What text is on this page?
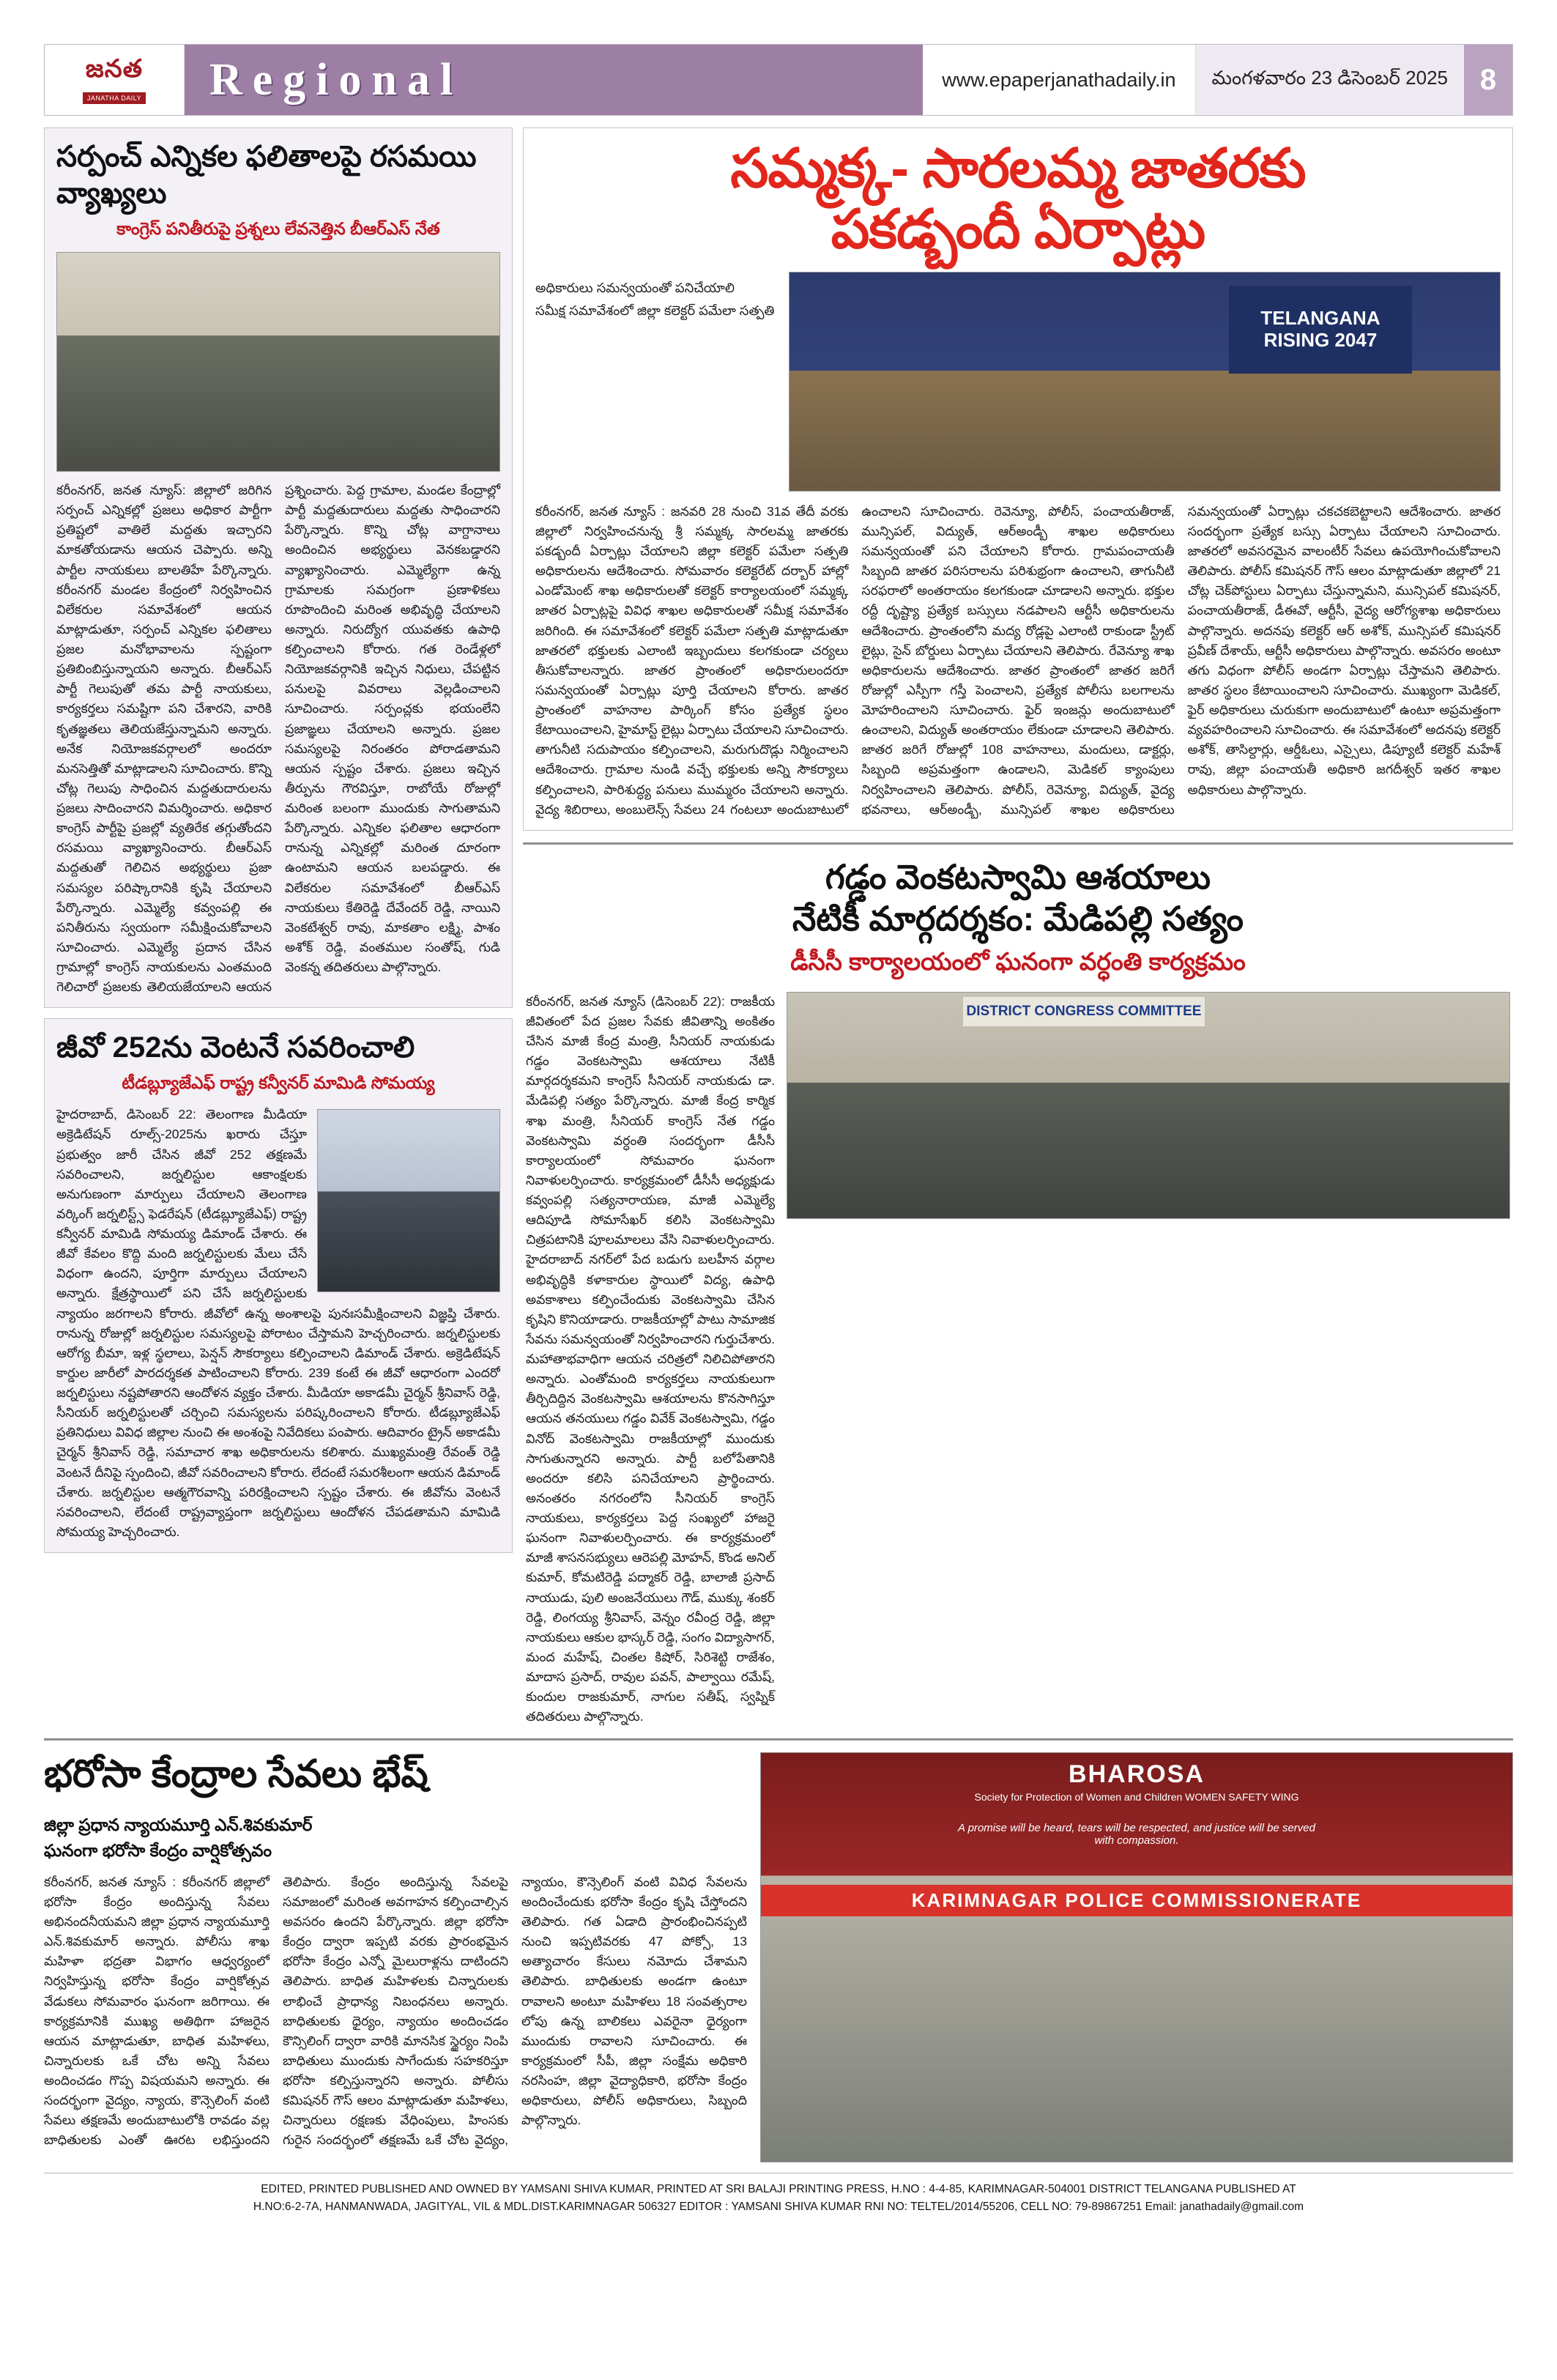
జనత
JANATHA DAILY Regional	www.epaperjanathadaily.in	మంగళవారం 23 డిసెంబర్ 2025	8
సర్పంచ్ ఎన్నికల ఫలితాలపై రసమయి వ్యాఖ్యలు
కాంగ్రెస్ పనితీరుపై ప్రశ్నలు లేవనెత్తిన బీఆర్ఎస్ నేత
కరీంనగర్, జనత న్యూస్: జిల్లాలో జరిగిన సర్పంచ్ ఎన్నికల్లో ప్రజలు అధికార పార్టీగా ప్రతిష్టలో వాతిలే మద్దతు ఇచ్చారని మాకతోయడాను ఆయన చెప్పారు. అన్ని పార్టీల నాయకులు బాలతిహే పేర్కొన్నారు. కరీంనగర్ మండల కేంద్రంలో నిర్వహించిన విలేకరుల సమావేశంలో ఆయన మాట్లాడుతూ, సర్పంచ్ ఎన్నికల ఫలితాలు ప్రజల మనోభావాలను స్పష్టంగా ప్రతిబింబిస్తున్నాయని అన్నారు. బీఆర్ఎస్ పార్టీ గెలుపుతో తమ పార్టీ నాయకులు, కార్యకర్తలు సమష్టిగా పని చేశారని, వారికి కృతజ్ఞతలు తెలియజేస్తున్నామని అన్నారు. అనేక నియోజకవర్గాలలో అందరూ మనసెత్తితో మాట్లాడాలని సూచించారు. కొన్ని చోట్ల గెలుపు సాధించిన మద్దతుదారులను ప్రజలు సాదించారని విమర్శించారు. అధికార కాంగ్రెస్ పార్టీపై ప్రజల్లో వ్యతిరేక తగ్గుతోందని రసమయి వ్యాఖ్యానించారు. బీఆర్ఎస్ మద్దతుతో గెలిచిన అభ్యర్థులు ప్రజా సమస్యల పరిష్కారానికి కృషి చేయాలని పేర్కొన్నారు. ఎమ్మెల్యే కవ్వంపల్లి ఈ పనితీరును స్వయంగా సమీక్షించుకోవాలని సూచించారు. ఎమ్మెల్యే ప్రదాన చేసిన గ్రామాల్లో కాంగ్రెస్ నాయకులను ఎంతమంది గెలిచారో ప్రజలకు తెలియజేయాలని ఆయన ప్రశ్నించారు. పెద్ద గ్రామాల, మండల కేంద్రాల్లో పార్టీ మద్దతుదారులు మద్దతు సాధించారని పేర్కొన్నారు. కొన్ని చోట్ల వాగ్దానాలు అందించిన అభ్యర్థులు వెనకబడ్డారని వ్యాఖ్యానించారు. ఎమ్మెల్యేగా ఉన్న గ్రామాలకు సమగ్రంగా ప్రణాళికలు రూపొందించి మరింత అభివృద్ధి చేయాలని అన్నారు. నిరుద్యోగ యువతకు ఉపాధి కల్పించాలని కోరారు. గత రెండేళ్లలో నియోజకవర్గానికి ఇచ్చిన నిధులు, చేపట్టిన పనులపై వివరాలు వెల్లడించాలని సూచించారు. సర్పంచ్లకు భయంలేని ప్రజాఙ్ఞలు చేయాలని అన్నారు. ప్రజల సమస్యలపై నిరంతరం పోరాడతామని ఆయన స్పష్టం చేశారు. ప్రజలు ఇచ్చిన తీర్పును గౌరవిస్తూ, రాబోయే రోజుల్లో మరింత బలంగా ముందుకు సాగుతామని పేర్కొన్నారు. ఎన్నికల ఫలితాల ఆధారంగా రానున్న ఎన్నికల్లో మరింత దూరంగా ఉంటామని ఆయన బలపడ్డారు. ఈ విలేకరుల సమావేశంలో బీఆర్ఎస్ నాయకులు కేతిరెడ్డి దేవేందర్ రెడ్డి, నాయిని వెంకటేశ్వర్ రావు, మాకతాం లక్ష్మి, పాశం అశోక్ రెడ్డి, వంతముల సంతోష్, గుడి వెంకన్న తదితరులు పాల్గొన్నారు.
జీవో 252ను వెంటనే సవరించాలి
టీడబ్ల్యూజేఎఫ్ రాష్ట్ర కన్వీనర్ మామిడి సోమయ్య
హైదరాబాద్, డిసెంబర్ 22: తెలంగాణ మీడియా అక్రెడిటేషన్ రూల్స్-2025ను ఖరారు చేస్తూ ప్రభుత్వం జారీ చేసిన జీవో 252 తక్షణమే సవరించాలని, జర్నలిస్టుల ఆకాంక్షలకు అనుగుణంగా మార్పులు చేయాలని తెలంగాణ వర్కింగ్ జర్నలిస్ట్స్ ఫెడరేషన్ (టీడబ్ల్యూజేఎఫ్) రాష్ట్ర కన్వీనర్ మామిడి సోమయ్య డిమాండ్ చేశారు. ఈ జీవో కేవలం కొద్ది మంది జర్నలిస్టులకు మేలు చేసే విధంగా ఉందని, పూర్తిగా మార్పులు చేయాలని అన్నారు. క్షేత్రస్థాయిలో పని చేసే జర్నలిస్టులకు న్యాయం జరగాలని కోరారు. జీవోలో ఉన్న అంశాలపై పునఃసమీక్షించాలని విజ్ఞప్తి చేశారు. రానున్న రోజుల్లో జర్నలిస్టుల సమస్యలపై పోరాటం చేస్తామని హెచ్చరించారు. జర్నలిస్టులకు ఆరోగ్య బీమా, ఇళ్ల స్థలాలు, పెన్షన్ సౌకర్యాలు కల్పించాలని డిమాండ్ చేశారు. అక్రెడిటేషన్ కార్డుల జారీలో పారదర్శకత పాటించాలని కోరారు. 239 కంటే ఈ జీవో ఆధారంగా ఎందరో జర్నలిస్టులు నష్టపోతారని ఆందోళన వ్యక్తం చేశారు. మీడియా అకాడమీ చైర్మన్ శ్రీనివాస్ రెడ్డి, సీనియర్ జర్నలిస్టులతో చర్చించి సమస్యలను పరిష్కరించాలని కోరారు. టీడబ్ల్యూజేఎఫ్ ప్రతినిధులు వివిధ జిల్లాల నుంచి ఈ అంశంపై నివేదికలు పంపారు. ఆదివారం ట్రైన్ అకాడమీ చైర్మన్ శ్రీనివాస్ రెడ్డి, సమాచార శాఖ అధికారులను కలిశారు. ముఖ్యమంత్రి రేవంత్ రెడ్డి వెంటనే దీనిపై స్పందించి, జీవో సవరించాలని కోరారు. లేదంటే సమరశీలంగా ఆయన డిమాండ్ చేశారు. జర్నలిస్టుల ఆత్మగౌరవాన్ని పరిరక్షించాలని స్పష్టం చేశారు. ఈ జీవోను వెంటనే సవరించాలని, లేదంటే రాష్ట్రవ్యాప్తంగా జర్నలిస్టులు ఆందోళన చేపడతామని మామిడి సోమయ్య హెచ్చరించారు.
సమ్మక్క- సారలమ్మ జాతరకు
పకడ్బందీ ఏర్పాట్లు
అధికారులు సమన్వయంతో పనిచేయాలి
సమీక్ష సమావేశంలో జిల్లా కలెక్టర్ పమేలా సత్పతి	TELANGANA RISING 2047
కరీంనగర్, జనత న్యూస్ : జనవరి 28 నుంచి 31వ తేదీ వరకు జిల్లాలో నిర్వహించనున్న శ్రీ సమ్మక్క సారలమ్మ జాతరకు పకడ్బందీ ఏర్పాట్లు చేయాలని జిల్లా కలెక్టర్ పమేలా సత్పతి అధికారులను ఆదేశించారు. సోమవారం కలెక్టరేట్ దర్బార్ హాల్లో ఎండోమెంట్ శాఖ అధికారులతో కలెక్టర్ కార్యాలయంలో సమ్మక్క జాతర ఏర్పాట్లపై వివిధ శాఖల అధికారులతో సమీక్ష సమావేశం జరిగింది. ఈ సమావేశంలో కలెక్టర్ పమేలా సత్పతి మాట్లాడుతూ జాతరలో భక్తులకు ఎలాంటి ఇబ్బందులు కలగకుండా చర్యలు తీసుకోవాలన్నారు. జాతర ప్రాంతంలో అధికారులందరూ సమన్వయంతో ఏర్పాట్లు పూర్తి చేయాలని కోరారు. జాతర ప్రాంతంలో వాహనాల పార్కింగ్ కోసం ప్రత్యేక స్థలం కేటాయించాలని, హైమాస్ట్ లైట్లు ఏర్పాటు చేయాలని సూచించారు. తాగునీటి సదుపాయం కల్పించాలని, మరుగుదొడ్లు నిర్మించాలని ఆదేశించారు. గ్రామాల నుండి వచ్చే భక్తులకు అన్ని సౌకర్యాలు కల్పించాలని, పారిశుద్ధ్య పనులు ముమ్మరం చేయాలని అన్నారు. వైద్య శిబిరాలు, అంబులెన్స్ సేవలు 24 గంటలూ అందుబాటులో ఉంచాలని సూచించారు. రెవెన్యూ, పోలీస్, పంచాయతీరాజ్, మున్సిపల్, విద్యుత్, ఆర్అండ్బీ శాఖల అధికారులు సమన్వయంతో పని చేయాలని కోరారు. గ్రామపంచాయతీ సిబ్బంది జాతర పరిసరాలను పరిశుభ్రంగా ఉంచాలని, తాగునీటి సరఫరాలో అంతరాయం కలగకుండా చూడాలని అన్నారు. భక్తుల రద్దీ దృష్ట్యా ప్రత్యేక బస్సులు నడపాలని ఆర్టీసీ అధికారులను ఆదేశించారు. ప్రాంతంలోని మద్య రోడ్లపై ఎలాంటి రాకుండా స్ట్రీట్ లైట్లు, సైన్ బోర్డులు ఏర్పాటు చేయాలని తెలిపారు. రేవెన్యూ శాఖ అధికారులను ఆదేశించారు. జాతర ప్రాంతంలో జాతర జరిగే రోజుల్లో ఎస్పీగా గస్తీ పెంచాలని, ప్రత్యేక పోలీసు బలగాలను మోహరించాలని సూచించారు. ఫైర్ ఇంజన్లు అందుబాటులో ఉంచాలని, విద్యుత్ అంతరాయం లేకుండా చూడాలని తెలిపారు. జాతర జరిగే రోజుల్లో 108 వాహనాలు, మందులు, డాక్టర్లు, సిబ్బంది అప్రమత్తంగా ఉండాలని, మెడికల్ క్యాంపులు నిర్వహించాలని తెలిపారు. పోలీస్, రెవెన్యూ, విద్యుత్, వైద్య భవనాలు, ఆర్అండ్బీ, మున్సిపల్ శాఖల అధికారులు సమన్వయంతో ఏర్పాట్లు చకచకబెట్టాలని ఆదేశించారు. జాతర సందర్భంగా ప్రత్యేక బస్సు ఏర్పాటు చేయాలని సూచించారు. జాతరలో అవసరమైన వాలంటీర్ సేవలు ఉపయోగించుకోవాలని తెలిపారు. పోలీస్ కమిషనర్ గౌస్ ఆలం మాట్లాడుతూ జిల్లాలో 21 చోట్ల చెక్‌పోస్టులు ఏర్పాటు చేస్తున్నామని, మున్సిపల్ కమిషనర్, పంచాయతీరాజ్, డీఈవో, ఆర్టీసీ, వైద్య ఆరోగ్యశాఖ అధికారులు పాల్గొన్నారు. అదనపు కలెక్టర్ ఆర్ అశోక్, మున్సిపల్ కమిషనర్ ప్రవీణ్ దేశాయ్, ఆర్టీసీ అధికారులు పాల్గొన్నారు. అవసరం అంటూ తగు విధంగా పోలీస్ అండగా ఏర్పాట్లు చేస్తామని తెలిపారు. జాతర స్థలం కేటాయించాలని సూచించారు. ముఖ్యంగా మెడికల్, ఫైర్ అధికారులు చురుకుగా అందుబాటులో ఉంటూ అప్రమత్తంగా వ్యవహరించాలని సూచించారు. ఈ సమావేశంలో అదనపు కలెక్టర్ అశోక్, తాసిల్దార్లు, ఆర్డీఓలు, ఎస్సైలు, డిప్యూటీ కలెక్టర్ మహేశ్ రావు, జిల్లా పంచాయతీ అధికారి జగదీశ్వర్ ఇతర శాఖల అధికారులు పాల్గొన్నారు.
గడ్డం వెంకటస్వామి ఆశయాలు
నేటికీ మార్గదర్శకం: మేడిపల్లి సత్యం
డీసీసీ కార్యాలయంలో ఘనంగా వర్ధంతి కార్యక్రమం
కరీంనగర్, జనత న్యూస్ (డిసెంబర్ 22): రాజకీయ జీవితంలో పేద ప్రజల సేవకు జీవితాన్ని అంకితం చేసిన మాజీ కేంద్ర మంత్రి, సీనియర్ నాయకుడు గడ్డం వెంకటస్వామి ఆశయాలు నేటికీ మార్గదర్శకమని కాంగ్రెస్ సీనియర్ నాయకుడు డా. మేడిపల్లి సత్యం పేర్కొన్నారు. మాజీ కేంద్ర కార్మిక శాఖ మంత్రి, సీనియర్ కాంగ్రెస్ నేత గడ్డం వెంకటస్వామి వర్ధంతి సందర్భంగా డీసీసీ కార్యాలయంలో సోమవారం ఘనంగా నివాళులర్పించారు. కార్యక్రమంలో డీసీసీ అధ్యక్షుడు కవ్వంపల్లి సత్యనారాయణ, మాజీ ఎమ్మెల్యే ఆదిపూడి సోమాసేఖర్ కలిసి వెంకటస్వామి చిత్రపటానికి పూలమాలలు వేసి నివాళులర్పించారు. హైదరాబాద్ నగర్‌లో పేద బడుగు బలహీన వర్గాల అభివృద్ధికి కళాకారుల స్థాయిలో విద్య, ఉపాధి అవకాశాలు కల్పించేందుకు వెంకటస్వామి చేసిన కృషిని కొనియాడారు. రాజకీయాల్లో పాటు సామాజిక సేవను సమన్వయంతో నిర్వహించారని గుర్తుచేశారు. మహాతాభవాధిగా ఆయన చరిత్రలో నిలిచిపోతారని అన్నారు. ఎంతోమంది కార్యకర్తలు నాయకులుగా తీర్చిదిద్దిన వెంకటస్వామి ఆశయాలను కొనసాగిస్తూ ఆయన తనయులు గడ్డం వివేక్ వెంకటస్వామి, గడ్డం వినోద్ వెంకటస్వామి రాజకీయాల్లో ముందుకు సాగుతున్నారని అన్నారు. పార్టీ బలోపేతానికి అందరూ కలిసి పనిచేయాలని ప్రార్థించారు. అనంతరం నగరంలోని సీనియర్ కాంగ్రెస్ నాయకులు, కార్యకర్తలు పెద్ద సంఖ్యలో హాజరై ఘనంగా నివాళులర్పించారు. ఈ కార్యక్రమంలో మాజీ శాసనసభ్యులు ఆరెపల్లి మోహన్, కొండ అనిల్ కుమార్, కోమటిరెడ్డి పద్మాకర్ రెడ్డి, బాలాజీ ప్రసాద్ నాయుడు, పులి అంజనేయులు గౌడ్, ముక్కు శంకర్ రెడ్డి, లింగయ్య శ్రీనివాస్, వెన్నం రవీంద్ర రెడ్డి, జిల్లా నాయకులు ఆకుల భాస్కర్ రెడ్డి, సంగం విద్యాసాగర్, మంద మహేష్, చింతల కిషోర్, సిరిశెట్టి రాజేశం, మాదాస ప్రసాద్, రావుల పవన్, పాల్వాయి రమేష్, కుందుల రాజకుమార్, నాగుల సతీష్, స్వప్నిక్ తదితరులు పాల్గొన్నారు.
DISTRICT CONGRESS COMMITTEE
భరోసా కేంద్రాల సేవలు భేష్
జిల్లా ప్రధాన న్యాయమూర్తి ఎన్.శివకుమార్
ఘనంగా భరోసా కేంద్రం వార్షికోత్సవం
కరీంనగర్, జనత న్యూస్ : కరీంనగర్ జిల్లాలో భరోసా కేంద్రం అందిస్తున్న సేవలు అభినందనీయమని జిల్లా ప్రధాన న్యాయమూర్తి ఎన్.శివకుమార్ అన్నారు. పోలీసు శాఖ మహిళా భద్రతా విభాగం ఆధ్వర్యంలో నిర్వహిస్తున్న భరోసా కేంద్రం వార్షికోత్సవ వేడుకలు సోమవారం ఘనంగా జరిగాయి. ఈ కార్యక్రమానికి ముఖ్య అతిథిగా హాజరైన ఆయన మాట్లాడుతూ, బాధిత మహిళలు, చిన్నారులకు ఒకే చోట అన్ని సేవలు అందించడం గొప్ప విషయమని అన్నారు. ఈ సందర్భంగా వైద్యం, న్యాయ, కౌన్సెలింగ్ వంటి సేవలు తక్షణమే అందుబాటులోకి రావడం వల్ల బాధితులకు ఎంతో ఊరట లభిస్తుందని తెలిపారు. కేంద్రం అందిస్తున్న సేవలపై సమాజంలో మరింత అవగాహన కల్పించాల్సిన అవసరం ఉందని పేర్కొన్నారు. జిల్లా భరోసా కేంద్రం ద్వారా ఇప్పటి వరకు ప్రారంభమైన భరోసా కేంద్రం ఎన్నో మైలురాళ్లను దాటిందని తెలిపారు. బాధిత మహిళలకు చిన్నారులకు లాభించే ప్రాధాన్య నిబంధనలు అన్నారు. బాధితులకు ధైర్యం, న్యాయం అందించడం కౌన్సిలింగ్ ద్వారా వారికి మానసిక స్థైర్యం నింపి బాధితులు ముందుకు సాగేందుకు సహకరిస్తూ భరోసా కల్పిస్తున్నారని అన్నారు. పోలీసు కమిషనర్ గౌస్ ఆలం మాట్లాడుతూ మహిళలు, చిన్నారులు రక్షణకు వేధింపులు, హింసకు గురైన సందర్భంలో తక్షణమే ఒకే చోట వైద్యం, న్యాయం, కౌన్సెలింగ్ వంటి వివిధ సేవలను అందించేందుకు భరోసా కేంద్రం కృషి చేస్తోందని తెలిపారు. గత ఏడాది ప్రారంభించినప్పటి నుంచి ఇప్పటివరకు 47 పోక్సో, 13 అత్యాచారం కేసులు నమోదు చేశామని తెలిపారు. బాధితులకు అండగా ఉంటూ రావాలని అంటూ మహిళలు 18 సంవత్సరాల లోపు ఉన్న బాలికలు ఎవరైనా ధైర్యంగా ముందుకు రావాలని సూచించారు. ఈ కార్యక్రమంలో సీపీ, జిల్లా సంక్షేమ అధికారి నరసింహ, జిల్లా వైద్యాధికారి, భరోసా కేంద్రం అధికారులు, పోలీస్ అధికారులు, సిబ్బంది పాల్గొన్నారు.
BHAROSA
Society for Protection of Women and Children WOMEN SAFETY WING
A promise will be heard, tears will be respected, and justice will be served with compassion.
KARIMNAGAR POLICE COMMISSIONERATE
EDITED, PRINTED PUBLISHED AND OWNED BY YAMSANI SHIVA KUMAR, PRINTED AT SRI BALAJI PRINTING PRESS, H.NO : 4-4-85, KARIMNAGAR-504001 DISTRICT TELANGANA PUBLISHED AT
H.NO:6-2-7A, HANMANWADA, JAGITYAL, VIL & MDL.DIST.KARIMNAGAR 506327 EDITOR : YAMSANI SHIVA KUMAR RNI NO: TELTEL/2014/55206, CELL NO: 79-89867251 Email: janathadaily@gmail.com
